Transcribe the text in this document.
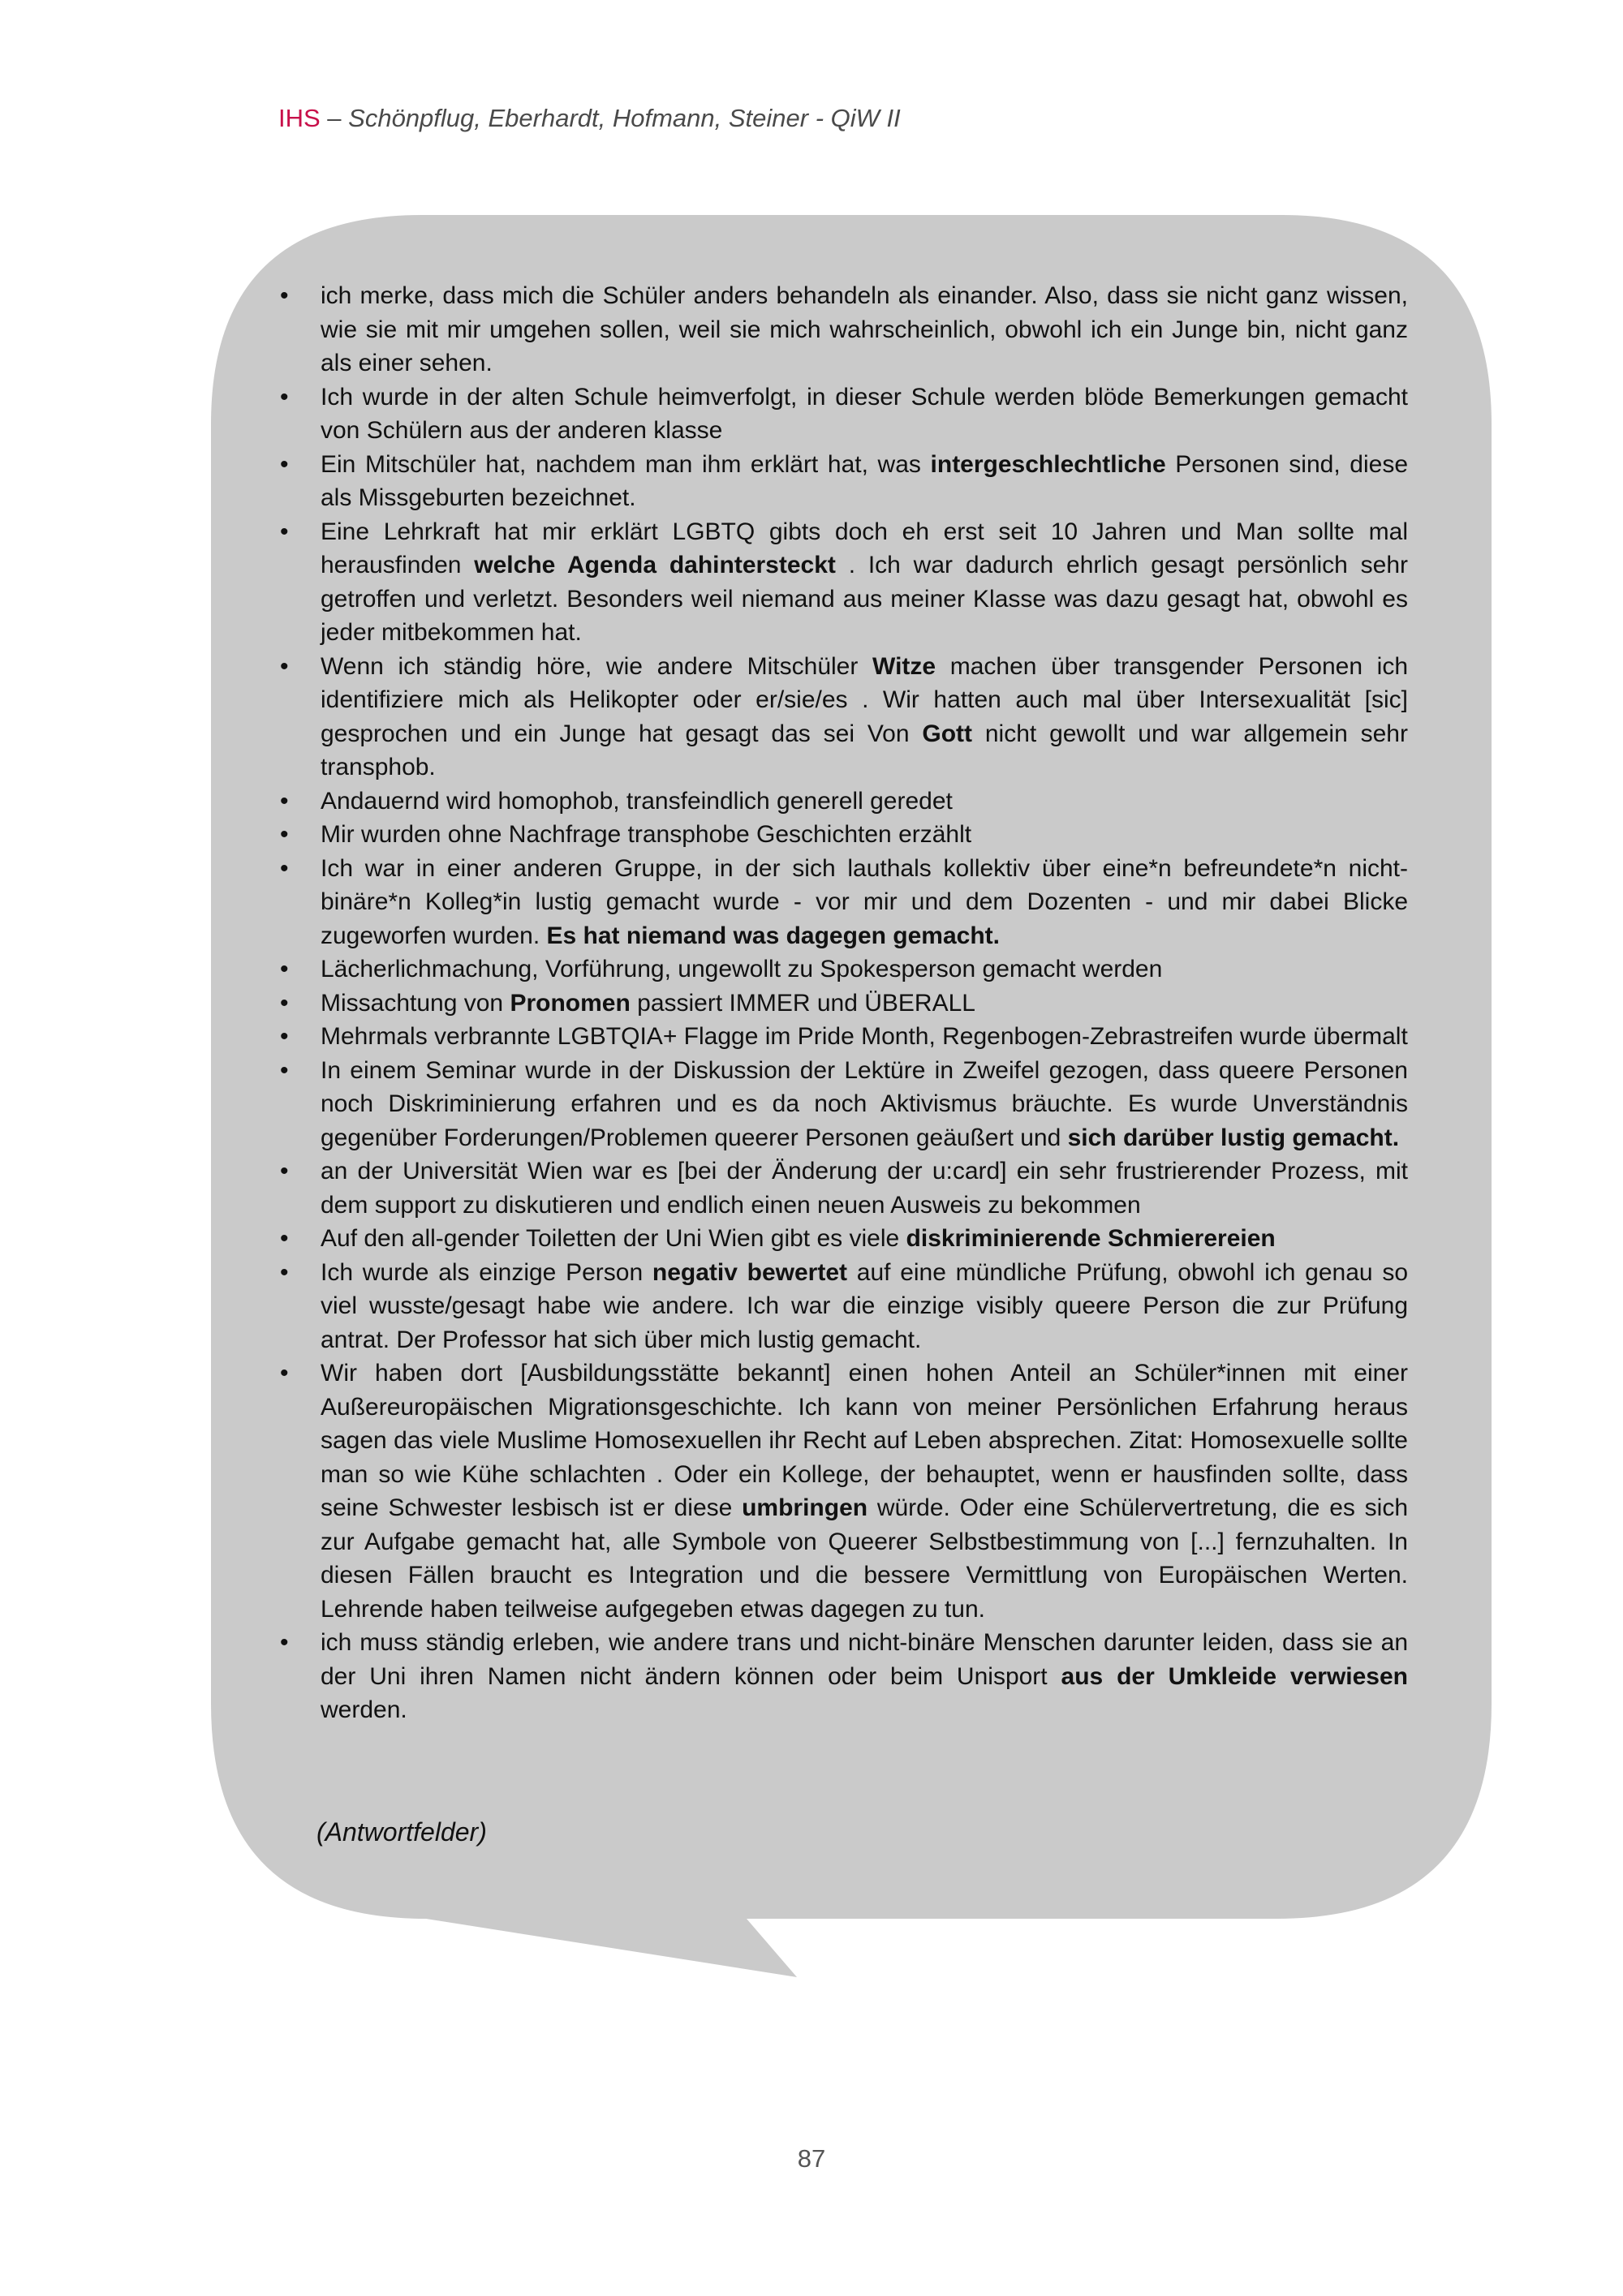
IHS – Schönpflug, Eberhardt, Hofmann, Steiner - QiW II
• ich merke, dass mich die Schüler anders behandeln als einander. Also, dass sie nicht ganz wissen, wie sie mit mir umgehen sollen, weil sie mich wahrscheinlich, obwohl ich ein Junge bin, nicht ganz als einer sehen.
• Ich wurde in der alten Schule heimverfolgt, in dieser Schule werden blöde Bemerkungen gemacht von Schülern aus der anderen klasse
• Ein Mitschüler hat, nachdem man ihm erklärt hat, was intergeschlechtliche Personen sind, diese als Missgeburten bezeichnet.
• Eine Lehrkraft hat mir erklärt LGBTQ gibts doch eh erst seit 10 Jahren und Man sollte mal herausfinden welche Agenda dahintersteckt . Ich war dadurch ehrlich gesagt persönlich sehr getroffen und verletzt. Besonders weil niemand aus meiner Klasse was dazu gesagt hat, obwohl es jeder mitbekommen hat.
• Wenn ich ständig höre, wie andere Mitschüler Witze machen über transgender Personen ich identifiziere mich als Helikopter oder er/sie/es . Wir hatten auch mal über Intersexualität [sic] gesprochen und ein Junge hat gesagt das sei Von Gott nicht gewollt und war allgemein sehr transphob.
• Andauernd wird homophob, transfeindlich generell geredet
• Mir wurden ohne Nachfrage transphobe Geschichten erzählt
• Ich war in einer anderen Gruppe, in der sich lauthals kollektiv über eine*n befreundete*n nicht-binäre*n Kolleg*in lustig gemacht wurde - vor mir und dem Dozenten - und mir dabei Blicke zugeworfen wurden. Es hat niemand was dagegen gemacht.
• Lächerlichmachung, Vorführung, ungewollt zu Spokesperson gemacht werden
• Missachtung von Pronomen passiert IMMER und ÜBERALL
• Mehrmals verbrannte LGBTQIA+ Flagge im Pride Month, Regenbogen-Zebrastreifen wurde übermalt
• In einem Seminar wurde in der Diskussion der Lektüre in Zweifel gezogen, dass queere Personen noch Diskriminierung erfahren und es da noch Aktivismus bräuchte. Es wurde Unverständnis gegenüber Forderungen/Problemen queerer Personen geäußert und sich darüber lustig gemacht.
• an der Universität Wien war es [bei der Änderung der u:card] ein sehr frustrierender Prozess, mit dem support zu diskutieren und endlich einen neuen Ausweis zu bekommen
• Auf den all-gender Toiletten der Uni Wien gibt es viele diskriminierende Schmierereien
• Ich wurde als einzige Person negativ bewertet auf eine mündliche Prüfung, obwohl ich genau so viel wusste/gesagt habe wie andere. Ich war die einzige visibly queere Person die zur Prüfung antrat. Der Professor hat sich über mich lustig gemacht.
• Wir haben dort [Ausbildungsstätte bekannt] einen hohen Anteil an Schüler*innen mit einer Außereuropäischen Migrationsgeschichte. Ich kann von meiner Persönlichen Erfahrung heraus sagen das viele Muslime Homosexuellen ihr Recht auf Leben absprechen. Zitat: Homosexuelle sollte man so wie Kühe schlachten . Oder ein Kollege, der behauptet, wenn er hausfinden sollte, dass seine Schwester lesbisch ist er diese umbringen würde. Oder eine Schülervertretung, die es sich zur Aufgabe gemacht hat, alle Symbole von Queerer Selbstbestimmung von [...] fernzuhalten. In diesen Fällen braucht es Integration und die bessere Vermittlung von Europäischen Werten. Lehrende haben teilweise aufgegeben etwas dagegen zu tun.
• ich muss ständig erleben, wie andere trans und nicht-binäre Menschen darunter leiden, dass sie an der Uni ihren Namen nicht ändern können oder beim Unisport aus der Umkleide verwiesen werden.
(Antwortfelder)
87
